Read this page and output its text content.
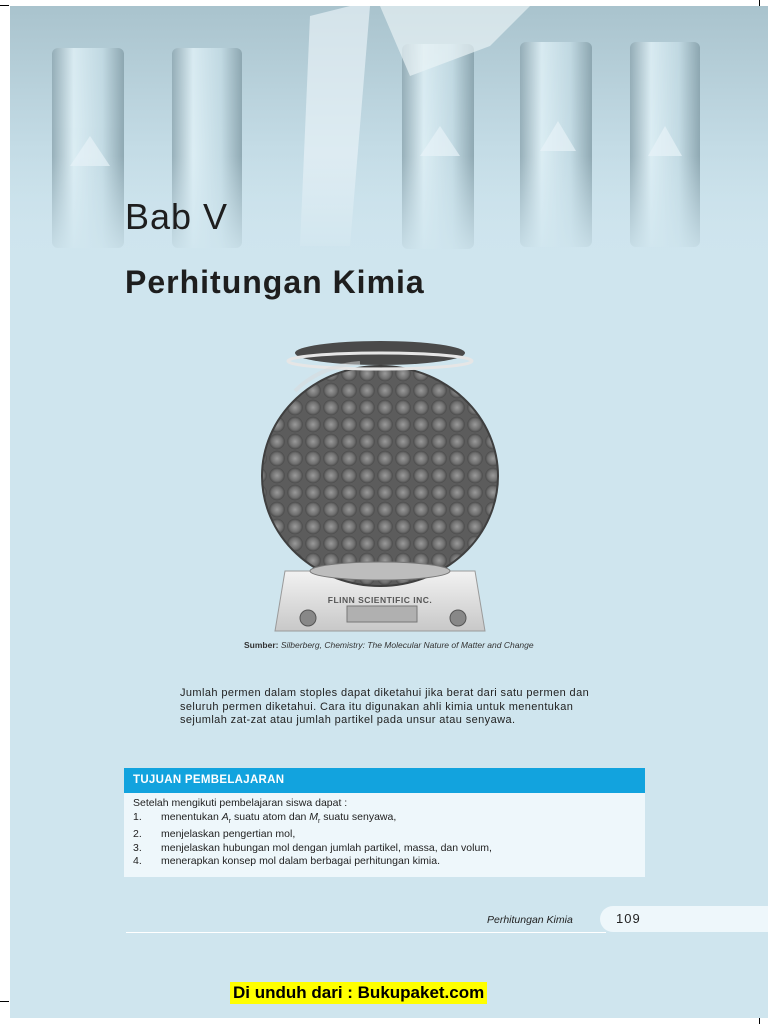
Bab V
Perhitungan Kimia
FLINN SCIENTIFIC INC.
Sumber: Silberberg, Chemistry: The Molecular Nature of Matter and Change
Jumlah permen dalam stoples dapat diketahui jika berat dari satu permen dan seluruh permen diketahui. Cara itu digunakan ahli kimia untuk menentukan sejumlah zat-zat atau jumlah partikel pada unsur atau senyawa.
TUJUAN PEMBELAJARAN
Setelah mengikuti pembelajaran siswa dapat :
1.	menentukan $A_r$ suatu atom dan $M_r$ suatu senyawa,
2.	menjelaskan pengertian mol,
3.	menjelaskan hubungan mol dengan jumlah partikel, massa, dan volum,
4.	menerapkan konsep mol dalam berbagai perhitungan kimia.
Perhitungan Kimia	109
Di unduh dari : Bukupaket.com
